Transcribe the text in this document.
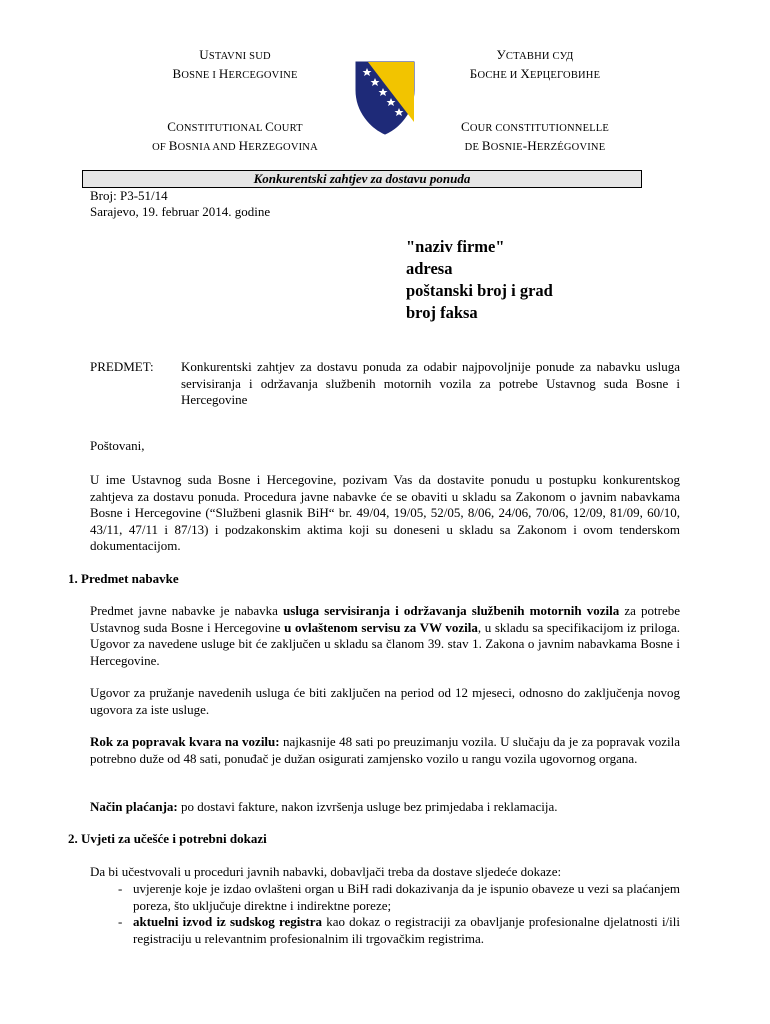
USTAVNI SUD
BOSNE I HERCEGOVINE
CONSTITUTIONAL COURT
OF BOSNIA AND HERZEGOVINA
УСТАВНИ СУД
БОСНЕ И ХЕРЦЕГОВИНЕ
COUR CONSTITUTIONNELLE
DE BOSNIE-HERZÉGOVINE
Konkurentski zahtjev za dostavu ponuda
Broj: P3-51/14
Sarajevo, 19. februar 2014. godine
"naziv firme"
adresa
poštanski broj i grad
broj faksa
PREDMET: Konkurentski zahtjev za dostavu ponuda za odabir najpovoljnije ponude za nabavku usluga servisiranja i održavanja službenih motornih vozila za potrebe Ustavnog suda Bosne i Hercegovine
Poštovani,
U ime Ustavnog suda Bosne i Hercegovine, pozivam Vas da dostavite ponudu u postupku konkurentskog zahtjeva za dostavu ponuda. Procedura javne nabavke će se obaviti u skladu sa Zakonom o javnim nabavkama Bosne i Hercegovine (“Službeni glasnik BiH“ br. 49/04, 19/05, 52/05, 8/06, 24/06, 70/06, 12/09, 81/09, 60/10, 43/11, 47/11 i 87/13) i podzakonskim aktima koji su doneseni u skladu sa Zakonom i ovom tenderskom dokumentacijom.
1. Predmet nabavke
Predmet javne nabavke je nabavka usluga servisiranja i održavanja službenih motornih vozila za potrebe Ustavnog suda Bosne i Hercegovine u ovlaštenom servisu za VW vozila, u skladu sa specifikacijom iz priloga. Ugovor za navedene usluge bit će zaključen u skladu sa članom 39. stav 1. Zakona o javnim nabavkama Bosne i Hercegovine.
Ugovor za pružanje navedenih usluga će biti zaključen na period od 12 mjeseci, odnosno do zaključenja novog ugovora za iste usluge.
Rok za popravak kvara na vozilu: najkasnije 48 sati po preuzimanju vozila. U slučaju da je za popravak vozila potrebno duže od 48 sati, ponuđač je dužan osigurati zamjensko vozilo u rangu vozila ugovornog organa.
Način plaćanja: po dostavi fakture, nakon izvršenja usluge bez primjedaba i reklamacija.
2. Uvjeti za učešće i potrebni dokazi
Da bi učestvovali u proceduri javnih nabavki, dobavljači treba da dostave sljedeće dokaze:
- uvjerenje koje je izdao ovlašteni organ u BiH radi dokazivanja da je ispunio obaveze u vezi sa plaćanjem poreza, što uključuje direktne i indirektne poreze;
- aktuelni izvod iz sudskog registra kao dokaz o registraciji za obavljanje profesionalne djelatnosti i/ili registraciju u relevantnim profesionalnim ili trgovačkim registrima.
